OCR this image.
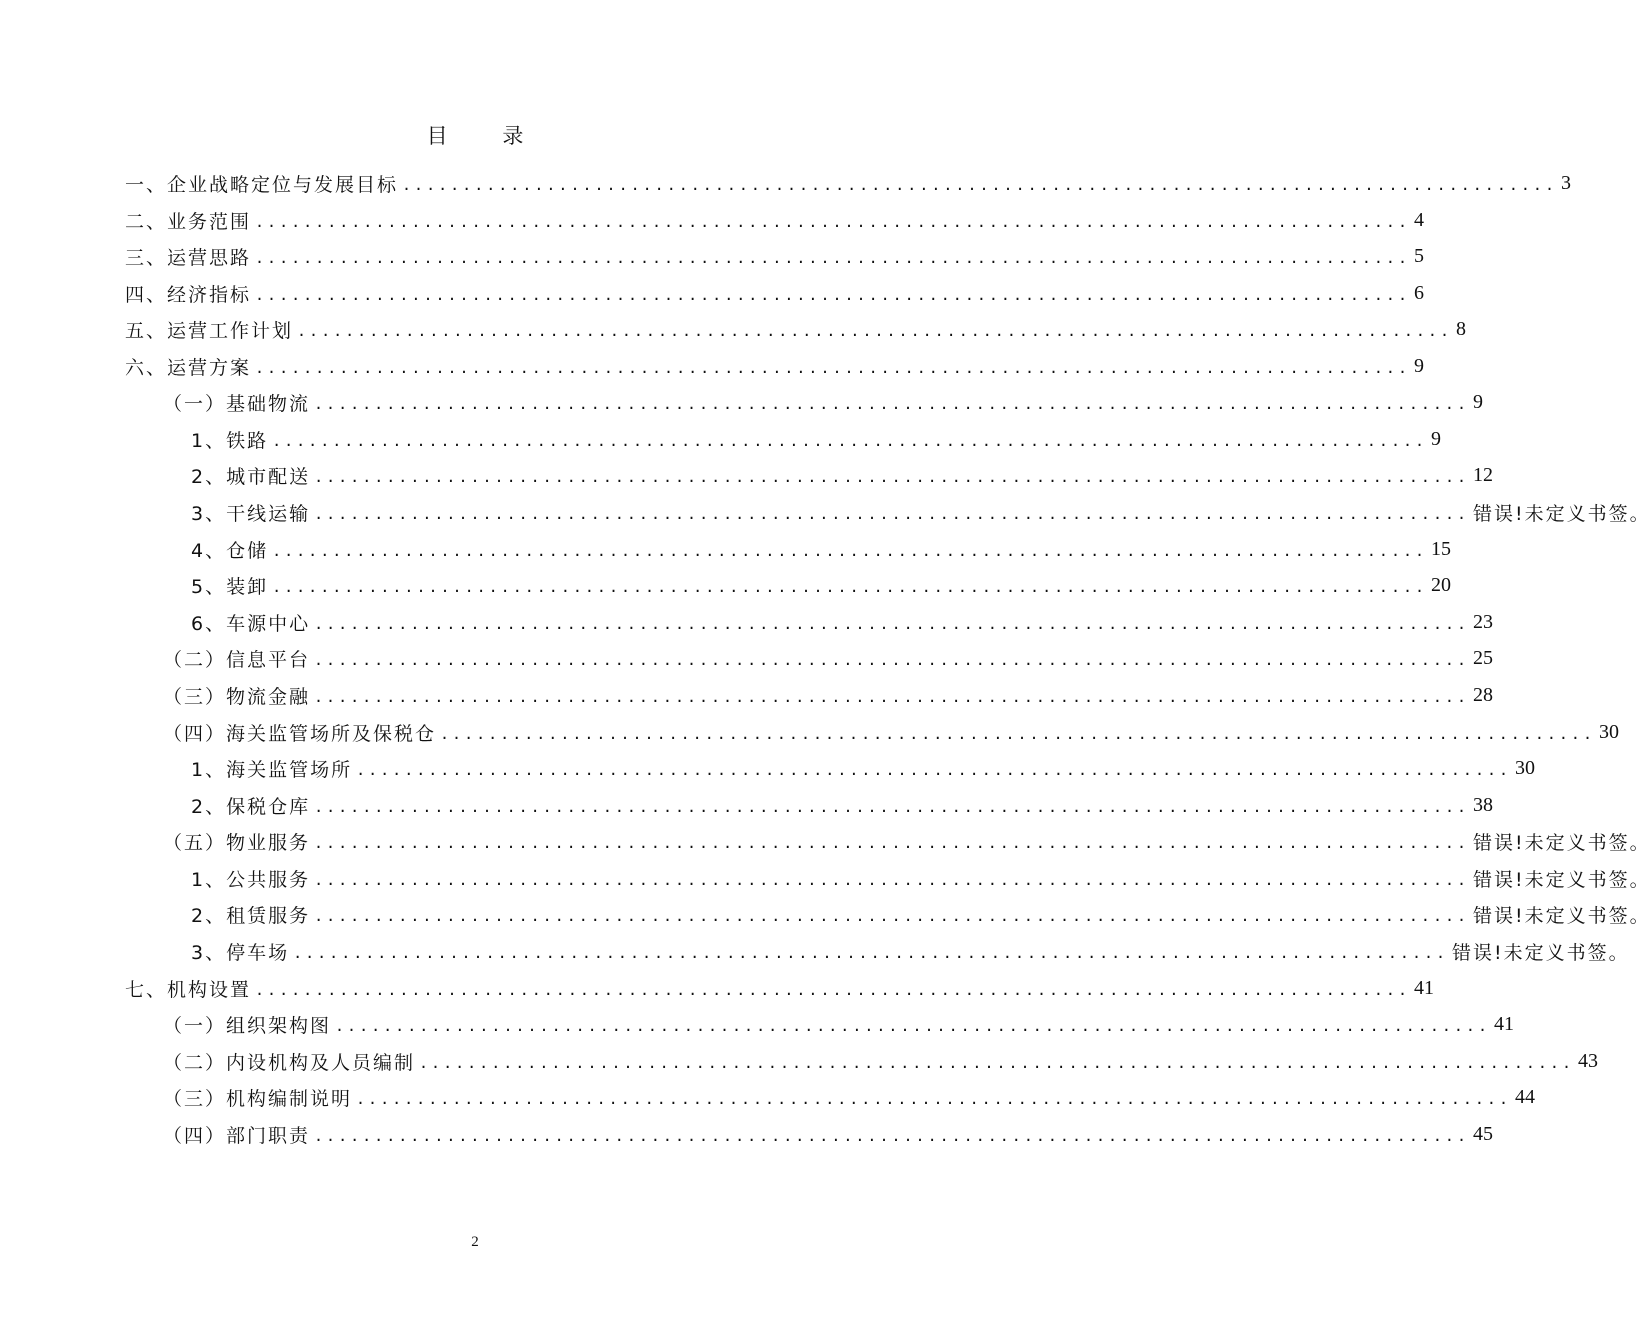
目 录
一、企业战略定位与发展目标 ................................................................................................ 3
二、业务范围 ................................................................................................ 4
三、运营思路 ................................................................................................ 5
四、经济指标 ................................................................................................ 6
五、运营工作计划 ................................................................................................ 8
六、运营方案 ................................................................................................ 9
（一）基础物流 ................................................................................................ 9
1、铁路 ................................................................................................ 9
2、城市配送 ................................................................................................ 12
3、干线运输 ................................................................................................ 错误!未定义书签。
4、仓储 ................................................................................................ 15
5、装卸 ................................................................................................ 20
6、车源中心 ................................................................................................ 23
（二）信息平台 ................................................................................................ 25
（三）物流金融 ................................................................................................ 28
（四）海关监管场所及保税仓 ................................................................................................ 30
1、海关监管场所 ................................................................................................ 30
2、保税仓库 ................................................................................................ 38
（五）物业服务 ................................................................................................ 错误!未定义书签。
1、公共服务 ................................................................................................ 错误!未定义书签。
2、租赁服务 ................................................................................................ 错误!未定义书签。
3、停车场 ................................................................................................ 错误!未定义书签。
七、机构设置 ................................................................................................ 41
（一）组织架构图 ................................................................................................ 41
（二）内设机构及人员编制 ................................................................................................ 43
（三）机构编制说明 ................................................................................................ 44
（四）部门职责 ................................................................................................ 45
2
